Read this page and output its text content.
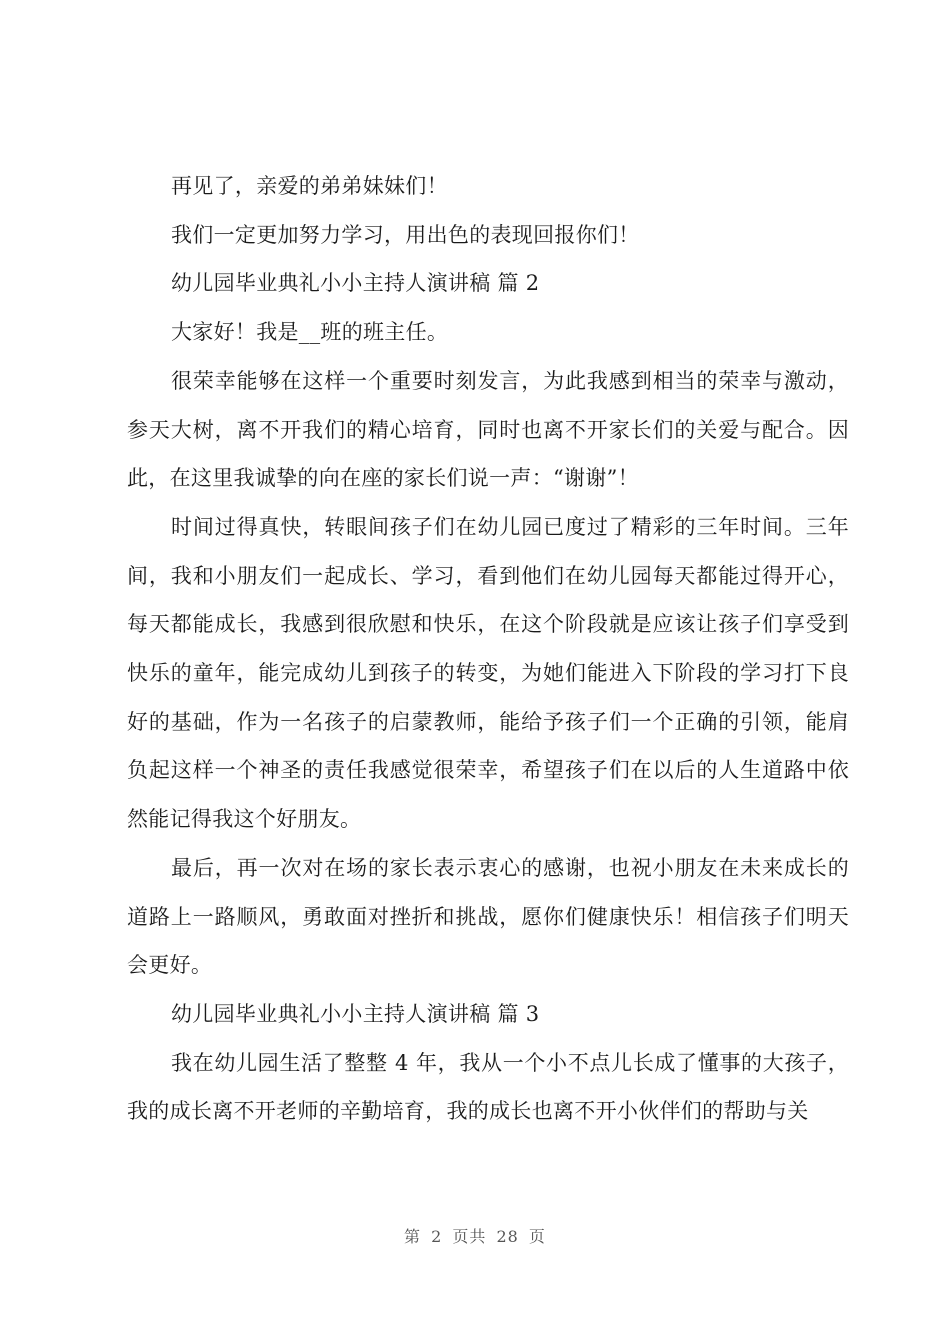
再见了，亲爱的弟弟妹妹们！

我们一定更加努力学习，用出色的表现回报你们！

幼儿园毕业典礼小小主持人演讲稿 篇 2

大家好！我是__班的班主任。

很荣幸能够在这样一个重要时刻发言，为此我感到相当的荣幸与激动，参天大树，离不开我们的精心培育，同时也离不开家长们的关爱与配合。因此，在这里我诚挚的向在座的家长们说一声：“谢谢”！

时间过得真快，转眼间孩子们在幼儿园已度过了精彩的三年时间。三年间，我和小朋友们一起成长、学习，看到他们在幼儿园每天都能过得开心，每天都能成长，我感到很欣慰和快乐，在这个阶段就是应该让孩子们享受到快乐的童年，能完成幼儿到孩子的转变，为她们能进入下阶段的学习打下良好的基础，作为一名孩子的启蒙教师，能给予孩子们一个正确的引领，能肩负起这样一个神圣的责任我感觉很荣幸，希望孩子们在以后的人生道路中依然能记得我这个好朋友。

最后，再一次对在场的家长表示衷心的感谢，也祝小朋友在未来成长的道路上一路顺风，勇敢面对挫折和挑战，愿你们健康快乐！相信孩子们明天会更好。

幼儿园毕业典礼小小主持人演讲稿 篇 3

我在幼儿园生活了整整 4 年，我从一个小不点儿长成了懂事的大孩子，我的成长离不开老师的辛勤培育，我的成长也离不开小伙伴们的帮助与关

第 2 页共 28 页
